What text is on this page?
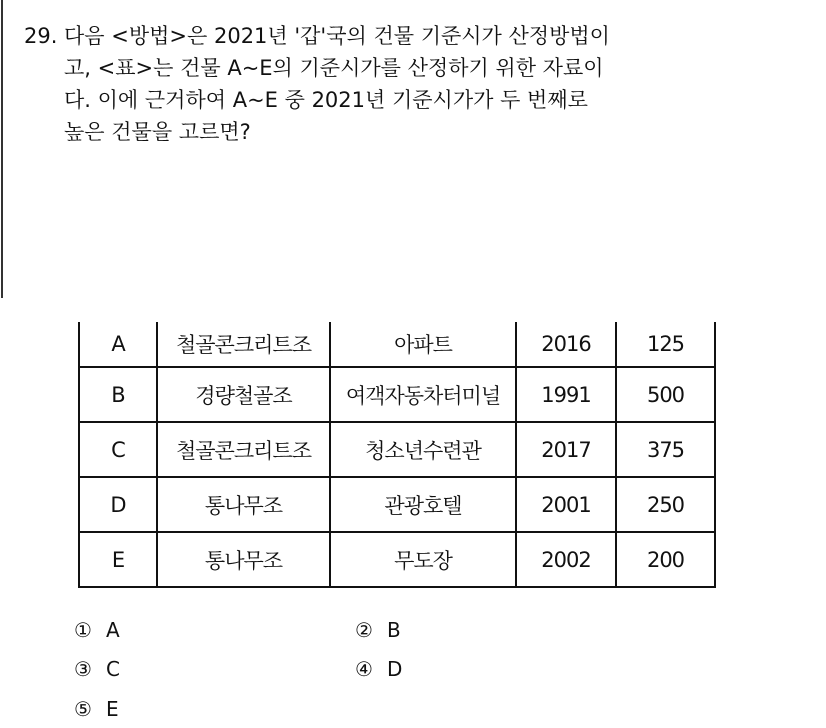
29. 다음 <방법>은 2021년 '갑'국의 건물 기준시가 산정방법이
고, <표>는 건물 A~E의 기준시가를 산정하기 위한 자료이
다. 이에 근거하여 A~E 중 2021년 기준시가가 두 번째로
높은 건물을 고르면?
A	철골콘크리트조	아파트	2016	125
B	경량철골조	여객자동차터미널	1991	500
C	철골콘크리트조	청소년수련관	2017	375
D	통나무조	관광호텔	2001	250
E	통나무조	무도장	2002	200
① A	② B
③ C	④ D
⑤ E
